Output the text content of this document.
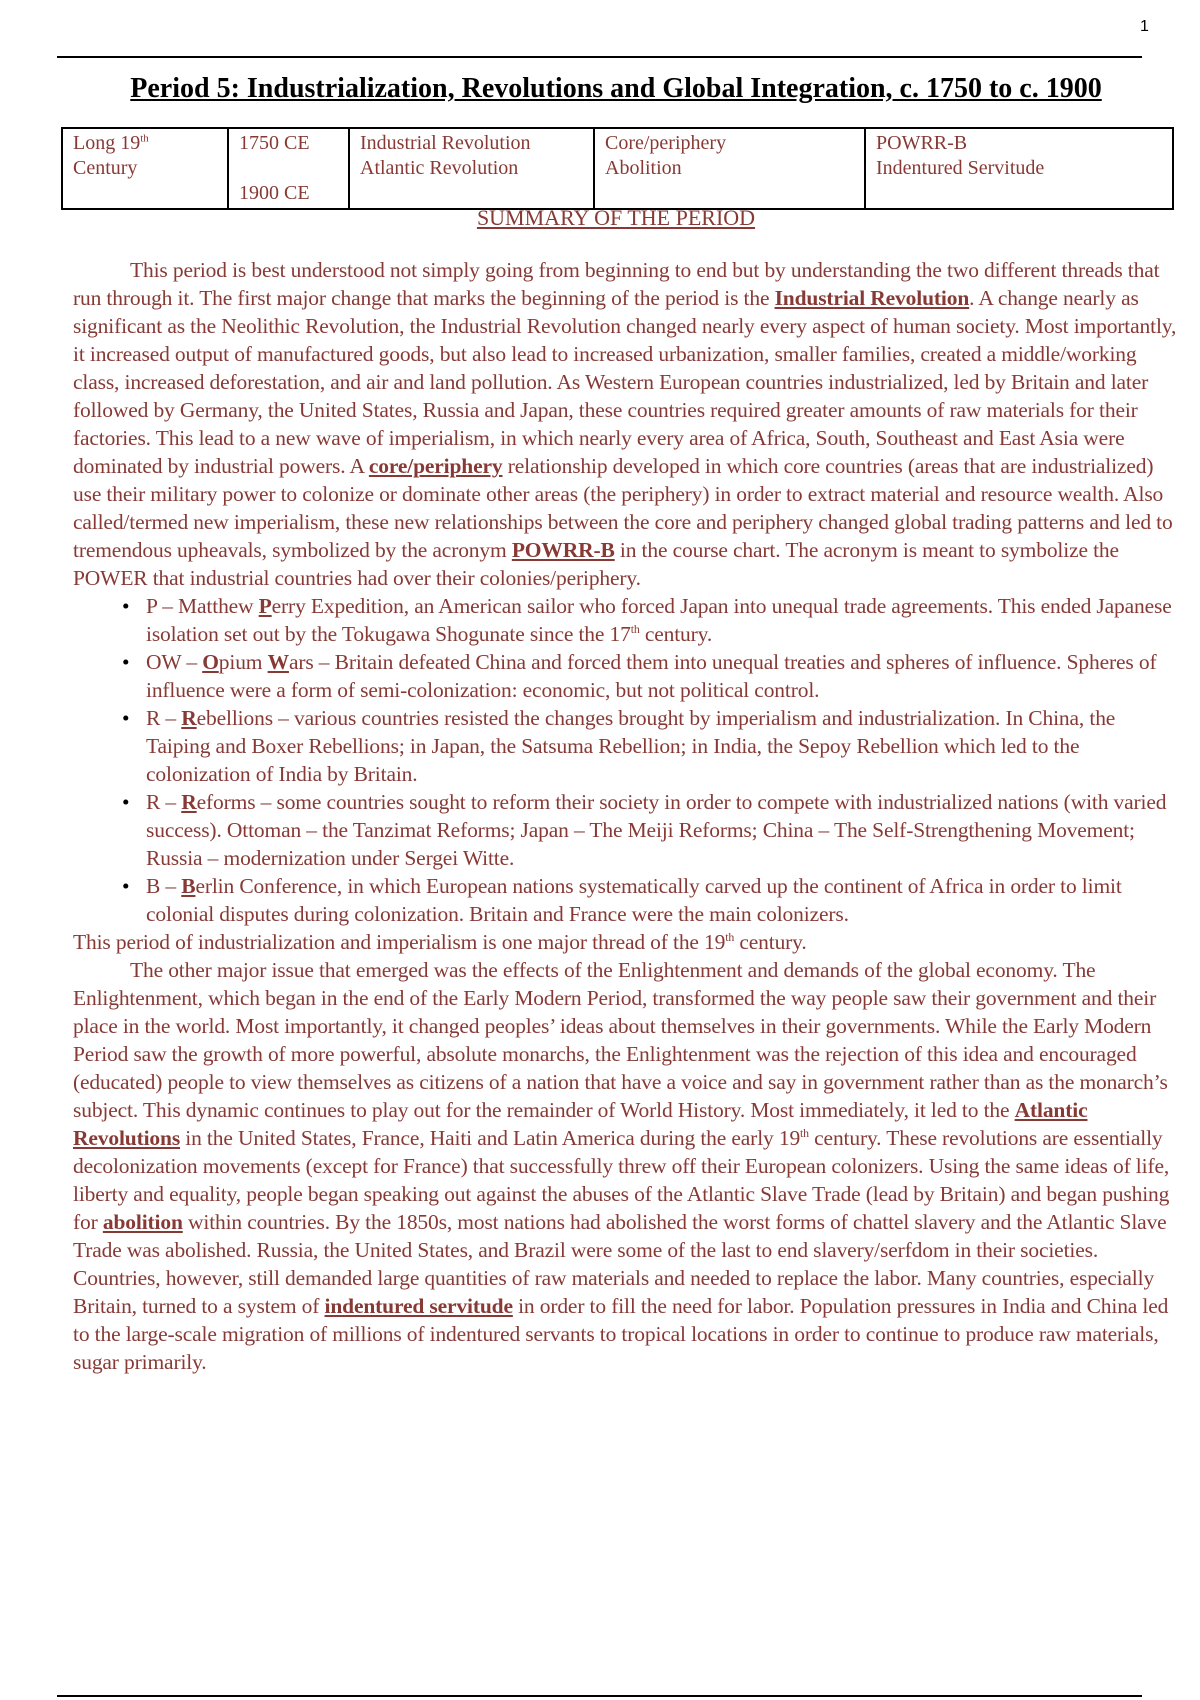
1
Period 5: Industrialization, Revolutions and Global Integration, c. 1750 to c. 1900
Long 19th
Century

1750 CE
1900 CE

Industrial Revolution
Atlantic Revolution

Core/periphery
Abolition

POWRR-B
Indentured Servitude
SUMMARY OF THE PERIOD

This period is best understood not simply going from beginning to end but by understanding the two different threads that run through it. The first major change that marks the beginning of the period is the Industrial Revolution. A change nearly as significant as the Neolithic Revolution, the Industrial Revolution changed nearly every aspect of human society. Most importantly, it increased output of manufactured goods, but also lead to increased urbanization, smaller families, created a middle/working class, increased deforestation, and air and land pollution. As Western European countries industrialized, led by Britain and later followed by Germany, the United States, Russia and Japan, these countries required greater amounts of raw materials for their factories. This lead to a new wave of imperialism, in which nearly every area of Africa, South, Southeast and East Asia were dominated by industrial powers. A core/periphery relationship developed in which core countries (areas that are industrialized) use their military power to colonize or dominate other areas (the periphery) in order to extract material and resource wealth. Also called/termed new imperialism, these new relationships between the core and periphery changed global trading patterns and led to tremendous upheavals, symbolized by the acronym POWRR-B in the course chart. The acronym is meant to symbolize the POWER that industrial countries had over their colonies/periphery.

• P – Matthew Perry Expedition, an American sailor who forced Japan into unequal trade agreements. This ended Japanese isolation set out by the Tokugawa Shogunate since the 17th century.
• OW – Opium Wars – Britain defeated China and forced them into unequal treaties and spheres of influence. Spheres of influence were a form of semi-colonization: economic, but not political control.
• R – Rebellions – various countries resisted the changes brought by imperialism and industrialization. In China, the Taiping and Boxer Rebellions; in Japan, the Satsuma Rebellion; in India, the Sepoy Rebellion which led to the colonization of India by Britain.
• R – Reforms – some countries sought to reform their society in order to compete with industrialized nations (with varied success). Ottoman – the Tanzimat Reforms; Japan – The Meiji Reforms; China – The Self-Strengthening Movement; Russia – modernization under Sergei Witte.
• B – Berlin Conference, in which European nations systematically carved up the continent of Africa in order to limit colonial disputes during colonization. Britain and France were the main colonizers.

This period of industrialization and imperialism is one major thread of the 19th century.

The other major issue that emerged was the effects of the Enlightenment and demands of the global economy. The Enlightenment, which began in the end of the Early Modern Period, transformed the way people saw their government and their place in the world. Most importantly, it changed peoples’ ideas about themselves in their governments. While the Early Modern Period saw the growth of more powerful, absolute monarchs, the Enlightenment was the rejection of this idea and encouraged (educated) people to view themselves as citizens of a nation that have a voice and say in government rather than as the monarch’s subject. This dynamic continues to play out for the remainder of World History. Most immediately, it led to the Atlantic Revolutions in the United States, France, Haiti and Latin America during the early 19th century. These revolutions are essentially decolonization movements (except for France) that successfully threw off their European colonizers. Using the same ideas of life, liberty and equality, people began speaking out against the abuses of the Atlantic Slave Trade (lead by Britain) and began pushing for abolition within countries. By the 1850s, most nations had abolished the worst forms of chattel slavery and the Atlantic Slave Trade was abolished. Russia, the United States, and Brazil were some of the last to end slavery/serfdom in their societies. Countries, however, still demanded large quantities of raw materials and needed to replace the labor. Many countries, especially Britain, turned to a system of indentured servitude in order to fill the need for labor. Population pressures in India and China led to the large-scale migration of millions of indentured servants to tropical locations in order to continue to produce raw materials, sugar primarily.
